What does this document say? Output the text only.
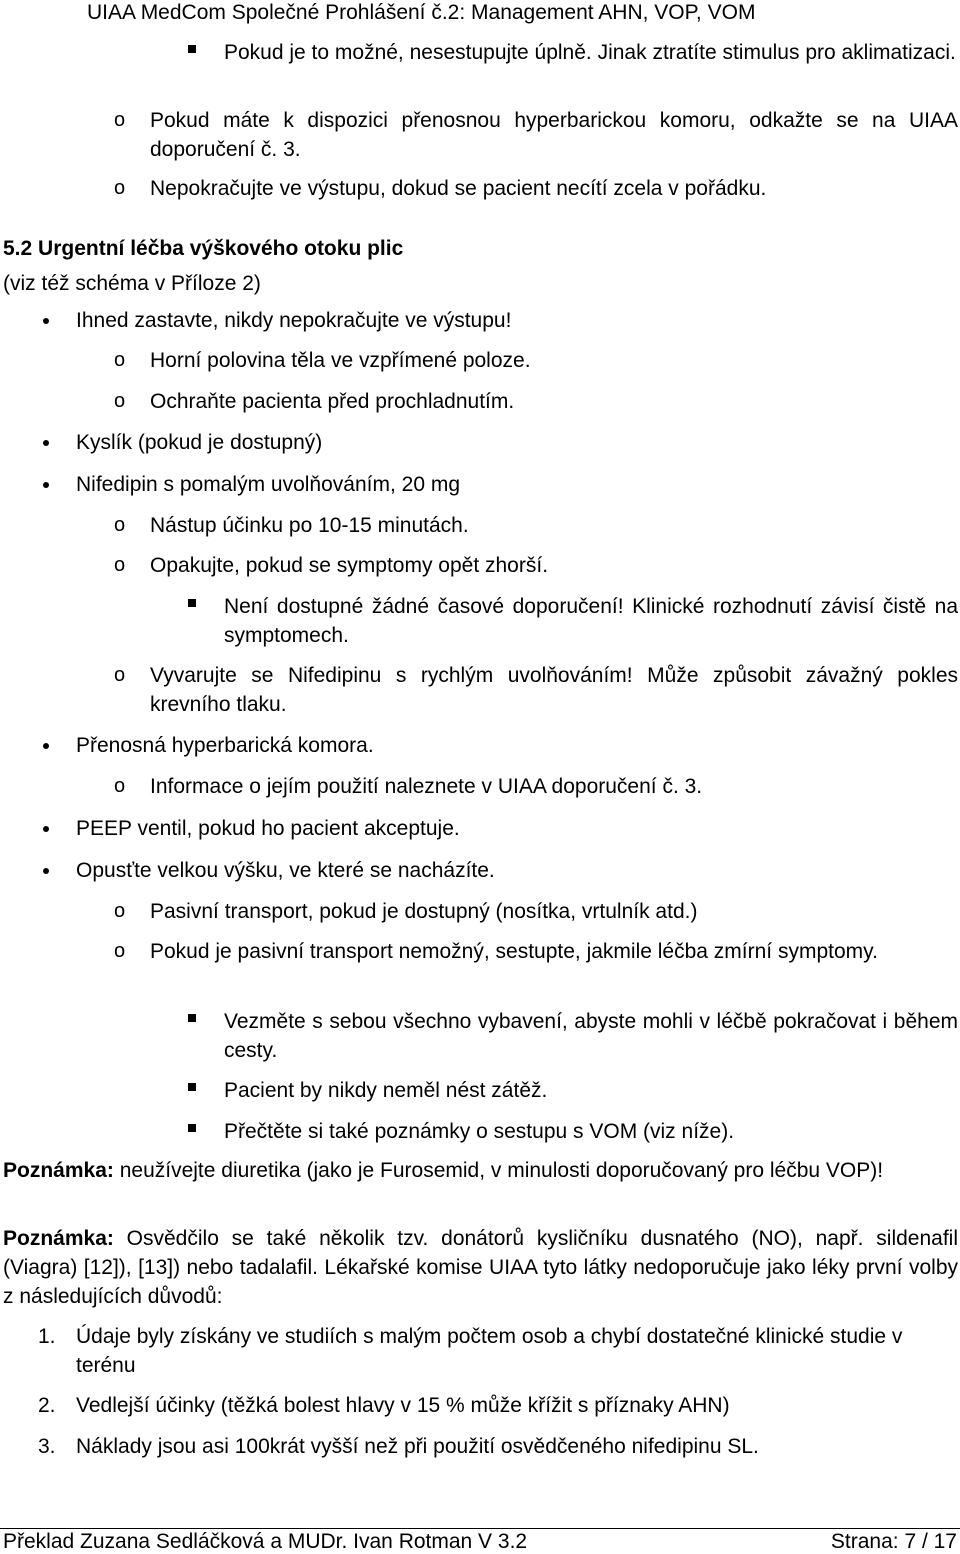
UIAA MedCom Společné Prohlášení č.2: Management AHN, VOP, VOM
Pokud je to možné, nesestupujte úplně. Jinak ztratíte stimulus pro aklimatizaci.
o Pokud máte k dispozici přenosnou hyperbarickou komoru, odkažte se na UIAA doporučení č. 3.
o Nepokračujte ve výstupu, dokud se pacient necítí zcela v pořádku.
5.2 Urgentní léčba výškového otoku plic
(viz též schéma v Příloze 2)
Ihned zastavte, nikdy nepokračujte ve výstupu!
o Horní polovina těla ve vzpřímené poloze.
o Ochraňte pacienta před prochladnutím.
Kyslík (pokud je dostupný)
Nifedipin s pomalým uvolňováním, 20 mg
o Nástup účinku po 10-15 minutách.
o Opakujte, pokud se symptomy opět zhorší.
Není dostupné žádné časové doporučení! Klinické rozhodnutí závisí čistě na symptomech.
o Vyvarujte se Nifedipinu s rychlým uvolňováním! Může způsobit závažný pokles krevního tlaku.
Přenosná hyperbarická komora.
o Informace o jejím použití naleznete v UIAA doporučení č. 3.
PEEP ventil, pokud ho pacient akceptuje.
Opusťte velkou výšku, ve které se nacházíte.
o Pasivní transport, pokud je dostupný (nosítka, vrtulník atd.)
o Pokud je pasivní transport nemožný, sestupte, jakmile léčba zmírní symptomy.
Vezměte s sebou všechno vybavení, abyste mohli v léčbě pokračovat i během cesty.
Pacient by nikdy neměl nést zátěž.
Přečtěte si také poznámky o sestupu s VOM (viz níže).
Poznámka: neužívejte diuretika (jako je Furosemid, v minulosti doporučovaný pro léčbu VOP)!
Poznámka: Osvědčilo se také několik tzv. donátorů kysličníku dusnatého (NO), např. sildenafil (Viagra) [12]), [13]) nebo tadalafil. Lékařské komise UIAA tyto látky nedoporučuje jako léky první volby z následujících důvodů:
1. Údaje byly získány ve studiích s malým počtem osob a chybí dostatečné klinické studie v terénu
2. Vedlejší účinky (těžká bolest hlavy v 15 % může křížit s příznaky AHN)
3. Náklady jsou asi 100krát vyšší než při použití osvědčeného nifedipinu SL.
Překlad Zuzana Sedláčková a MUDr. Ivan Rotman V 3.2	Strana: 7 / 17
